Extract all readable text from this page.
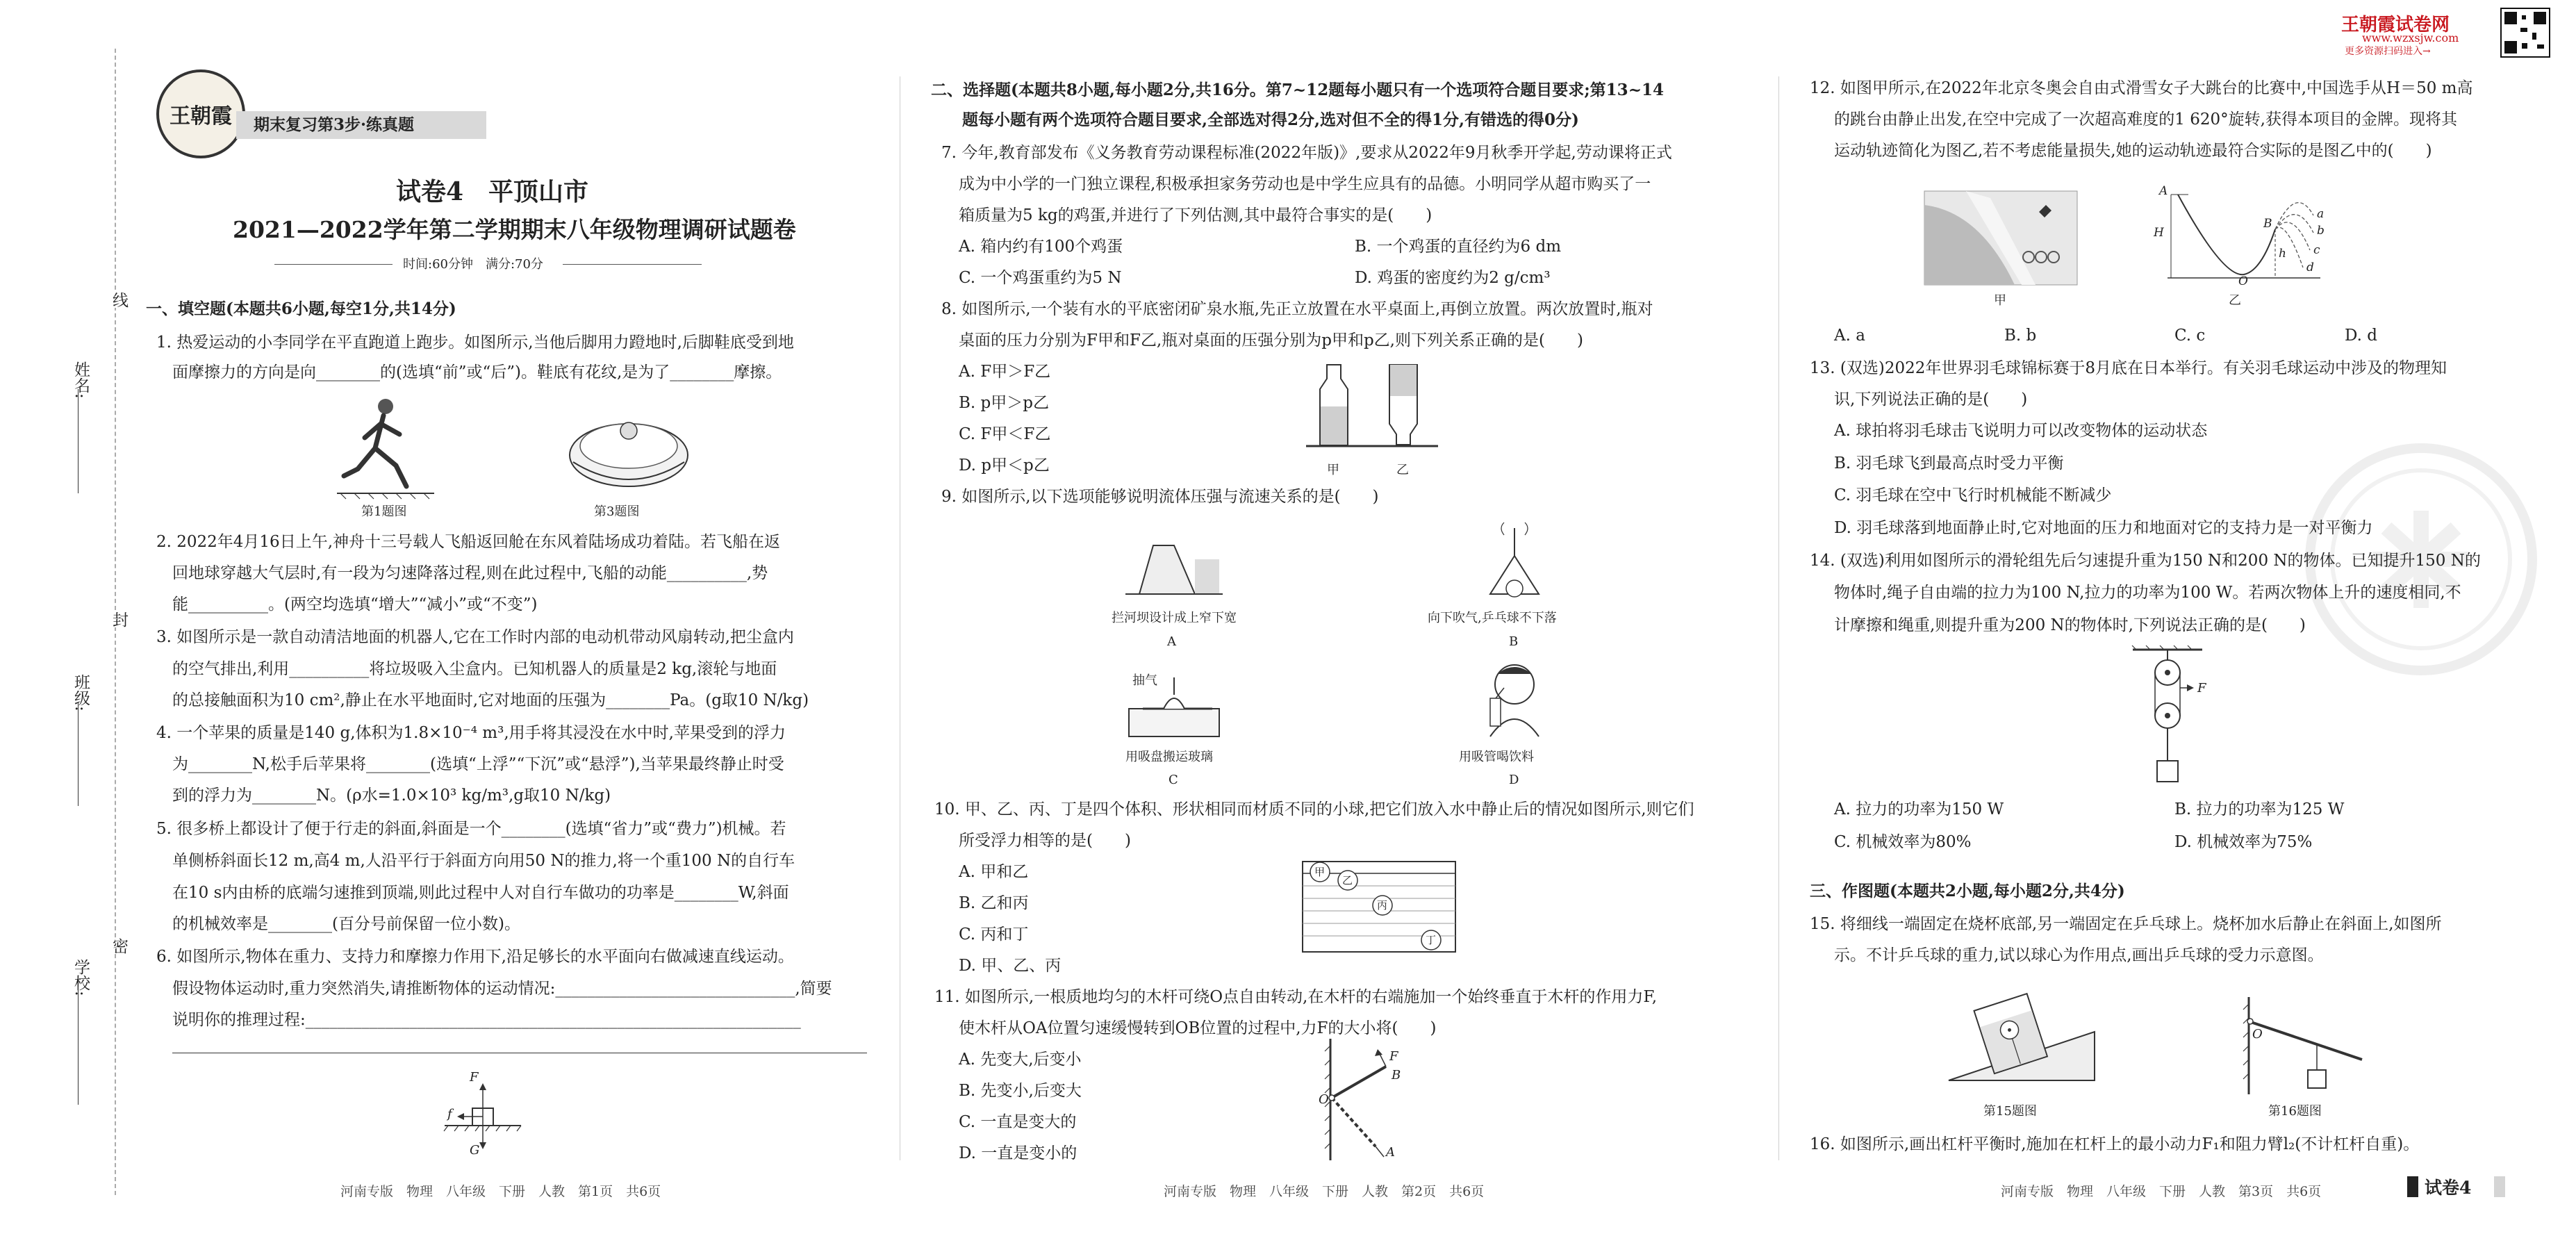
姓名:
班级:
学校:
线
封
密
王朝霞 期末复习第3步·练真题
王朝霞试卷网
www.wzxsjw.com
更多资源扫码进入→
试卷4　平顶山市
2021—2022学年第二学期期末八年级物理调研试题卷
时间:60分钟　满分:70分
一、填空题(本题共6小题,每空1分,共14分)
1. 热爱运动的小李同学在平直跑道上跑步。如图所示,当他后脚用力蹬地时,后脚鞋底受到地
面摩擦力的方向是向________的(选填“前”或“后”)。鞋底有花纹,是为了________摩擦。
第1题图	第3题图
2. 2022年4月16日上午,神舟十三号载人飞船返回舱在东风着陆场成功着陆。若飞船在返
回地球穿越大气层时,有一段为匀速降落过程,则在此过程中,飞船的动能__________,势
能__________。(两空均选填“增大”“减小”或“不变”)
3. 如图所示是一款自动清洁地面的机器人,它在工作时内部的电动机带动风扇转动,把尘盒内
的空气排出,利用__________将垃圾吸入尘盒内。已知机器人的质量是2 kg,滚轮与地面
的总接触面积为10 cm²,静止在水平地面时,它对地面的压强为________Pa。(g取10 N/kg)
4. 一个苹果的质量是140 g,体积为1.8×10⁻⁴ m³,用手将其浸没在水中时,苹果受到的浮力
为________N,松手后苹果将________(选填“上浮”“下沉”或“悬浮”),当苹果最终静止时受
到的浮力为________N。(ρ水=1.0×10³ kg/m³,g取10 N/kg)
5. 很多桥上都设计了便于行走的斜面,斜面是一个________(选填“省力”或“费力”)机械。若
单侧桥斜面长12 m,高4 m,人沿平行于斜面方向用50 N的推力,将一个重100 N的自行车
在10 s内由桥的底端匀速推到顶端,则此过程中人对自行车做功的功率是________W,斜面
的机械效率是________(百分号前保留一位小数)。
6. 如图所示,物体在重力、支持力和摩擦力作用下,沿足够长的水平面向右做减速直线运动。
假设物体运动时,重力突然消失,请推断物体的运动情况:______________________________,简要
说明你的推理过程:______________________________________________________________
F
f
G
河南专版　物理　八年级　下册　人教　第1页　共6页
二、选择题(本题共8小题,每小题2分,共16分。第7~12题每小题只有一个选项符合题目要求;第13~14
题每小题有两个选项符合题目要求,全部选对得2分,选对但不全的得1分,有错选的得0分)
7. 今年,教育部发布《义务教育劳动课程标准(2022年版)》,要求从2022年9月秋季开学起,劳动课将正式
成为中小学的一门独立课程,积极承担家务劳动也是中学生应具有的品德。小明同学从超市购买了一
箱质量为5 kg的鸡蛋,并进行了下列估测,其中最符合事实的是(　　)
A. 箱内约有100个鸡蛋	B. 一个鸡蛋的直径约为6 dm
C. 一个鸡蛋重约为5 N	D. 鸡蛋的密度约为2 g/cm³
8. 如图所示,一个装有水的平底密闭矿泉水瓶,先正立放置在水平桌面上,再倒立放置。两次放置时,瓶对
桌面的压力分别为F甲和F乙,瓶对桌面的压强分别为p甲和p乙,则下列关系正确的是(　　)
A. F甲＞F乙
B. p甲＞p乙
C. F甲＜F乙
D. p甲＜p乙	甲	乙
9. 如图所示,以下选项能够说明流体压强与流速关系的是(　　)
拦河坝设计成上窄下宽
A
向下吹气,乒乓球不下落
B
抽气
用吸盘搬运玻璃
C
用吸管喝饮料
D
10. 甲、乙、丙、丁是四个体积、形状相同而材质不同的小球,把它们放入水中静止后的情况如图所示,则它们
所受浮力相等的是(　　)
A. 甲和乙
B. 乙和丙
C. 丙和丁
D. 甲、乙、丙
甲
乙
丙
丁
11. 如图所示,一根质地均匀的木杆可绕O点自由转动,在木杆的右端施加一个始终垂直于木杆的作用力F,
使木杆从OA位置匀速缓慢转到OB位置的过程中,力F的大小将(　　)
A. 先变大,后变小
B. 先变小,后变大
C. 一直是变大的
D. 一直是变小的
O
F
B
A
河南专版　物理　八年级　下册　人教　第2页　共6页
12. 如图甲所示,在2022年北京冬奥会自由式滑雪女子大跳台的比赛中,中国选手从H＝50 m高
的跳台由静止出发,在空中完成了一次超高难度的1 620°旋转,获得本项目的金牌。现将其
运动轨迹简化为图乙,若不考虑能量损失,她的运动轨迹最符合实际的是图乙中的(　　)
甲
A
B
H
h
O
a
b
c
d
乙
A. a	B. b	C. c	D. d
13. (双选)2022年世界羽毛球锦标赛于8月底在日本举行。有关羽毛球运动中涉及的物理知
识,下列说法正确的是(　　)
A. 球拍将羽毛球击飞说明力可以改变物体的运动状态
B. 羽毛球飞到最高点时受力平衡
C. 羽毛球在空中飞行时机械能不断减少
D. 羽毛球落到地面静止时,它对地面的压力和地面对它的支持力是一对平衡力
14. (双选)利用如图所示的滑轮组先后匀速提升重为150 N和200 N的物体。已知提升150 N的
物体时,绳子自由端的拉力为100 N,拉力的功率为100 W。若两次物体上升的速度相同,不
计摩擦和绳重,则提升重为200 N的物体时,下列说法正确的是(　　)
F
A. 拉力的功率为150 W	B. 拉力的功率为125 W
C. 机械效率为80%	D. 机械效率为75%
三、作图题(本题共2小题,每小题2分,共4分)
15. 将细线一端固定在烧杯底部,另一端固定在乒乓球上。烧杯加水后静止在斜面上,如图所
示。不计乒乓球的重力,试以球心为作用点,画出乒乓球的受力示意图。
第15题图
O
第16题图
16. 如图所示,画出杠杆平衡时,施加在杠杆上的最小动力F₁和阻力臂l₂(不计杠杆自重)。
河南专版　物理　八年级　下册　人教　第3页　共6页	试卷4
